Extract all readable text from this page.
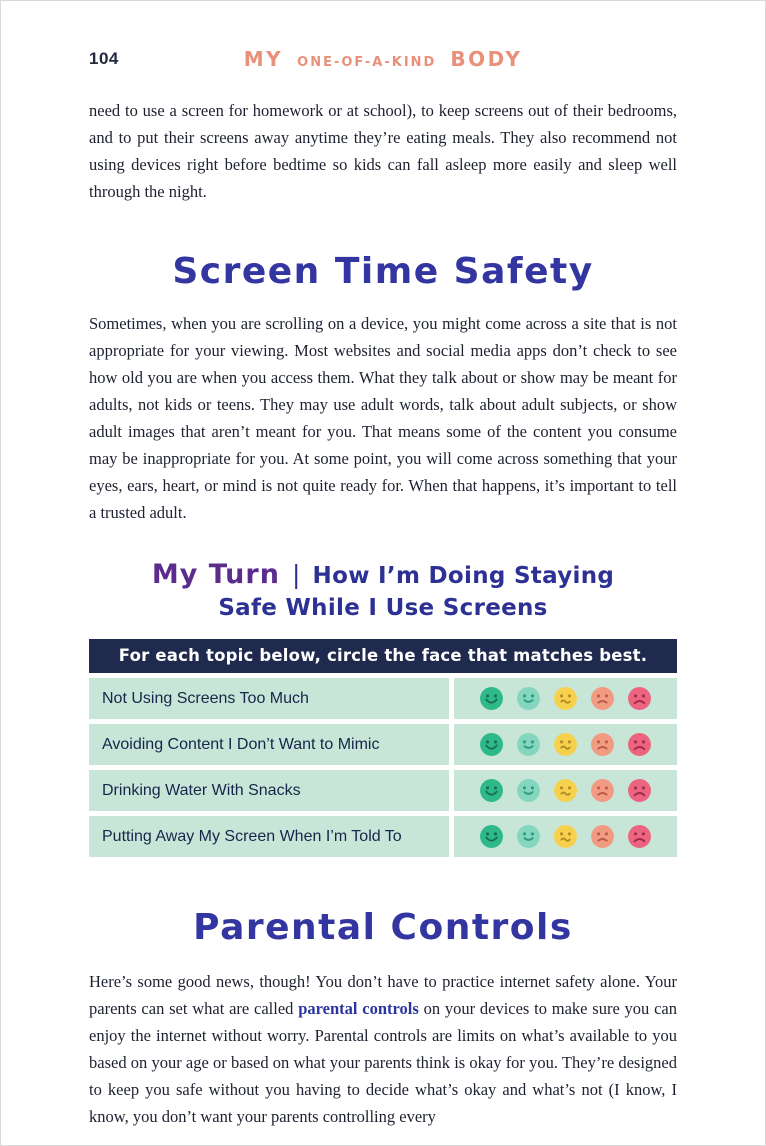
104	MY ONE-OF-A-KIND BODY

need to use a screen for homework or at school), to keep screens out of their bedrooms, and to put their screens away anytime they’re eating meals. They also recommend not using devices right before bedtime so kids can fall asleep more easily and sleep well through the night.

Screen Time Safety

Sometimes, when you are scrolling on a device, you might come across a site that is not appropriate for your viewing. Most websites and social media apps don’t check to see how old you are when you access them. What they talk about or show may be meant for adults, not kids or teens. They may use adult words, talk about adult subjects, or show adult images that aren’t meant for you. That means some of the content you consume may be inappropriate for you. At some point, you will come across something that your eyes, ears, heart, or mind is not quite ready for. When that happens, it’s important to tell a trusted adult.

My Turn | How I’m Doing Staying
Safe While I Use Screens
For each topic below, circle the face that matches best.
Not Using Screens Too Much
Avoiding Content I Don’t Want to Mimic
Drinking Water With Snacks
Putting Away My Screen When I’m Told To
Parental Controls

Here’s some good news, though! You don’t have to practice internet safety alone. Your parents can set what are called parental controls on your devices to make sure you can enjoy the internet without worry. Parental controls are limits on what’s available to you based on your age or based on what your parents think is okay for you. They’re designed to keep you safe without you having to decide what’s okay and what’s not (I know, I know, you don’t want your parents controlling every
